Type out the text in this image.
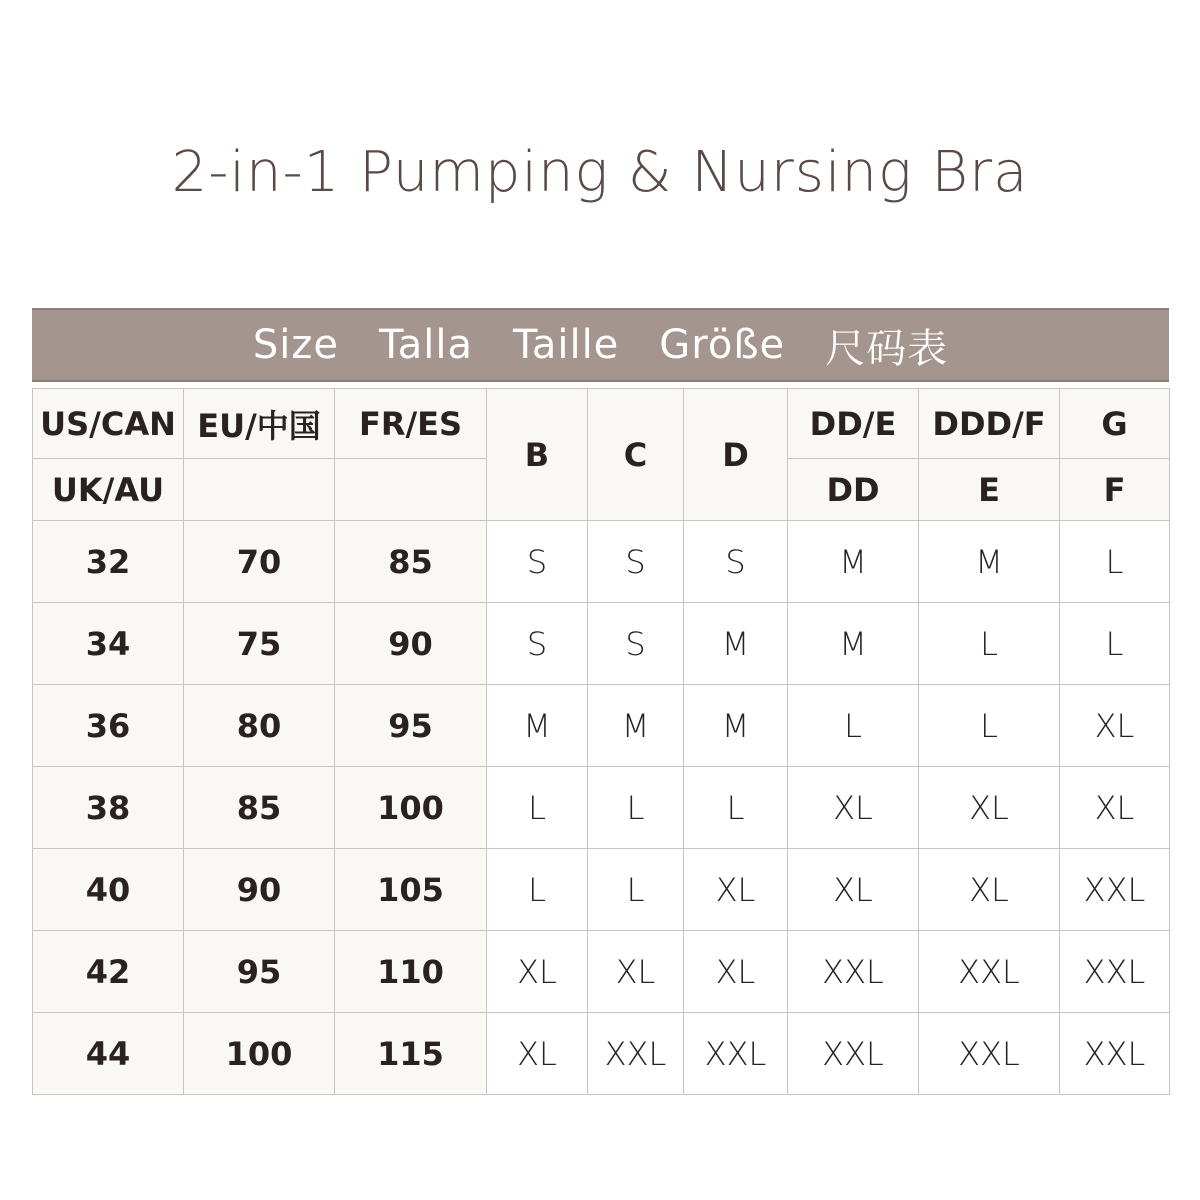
2-in-1 Pumping & Nursing Bra
Size Talla Taille Größe 尺码表
US/CAN	EU/中国	FR/ES	B	C	D	DD/E	DDD/F	G
UK/AU						DD	E	F
32	70	85	S	S	S	M	M	L
34	75	90	S	S	M	M	L	L
36	80	95	M	M	M	L	L	XL
38	85	100	L	L	L	XL	XL	XL
40	90	105	L	L	XL	XL	XL	XXL
42	95	110	XL	XL	XL	XXL	XXL	XXL
44	100	115	XL	XXL	XXL	XXL	XXL	XXL
